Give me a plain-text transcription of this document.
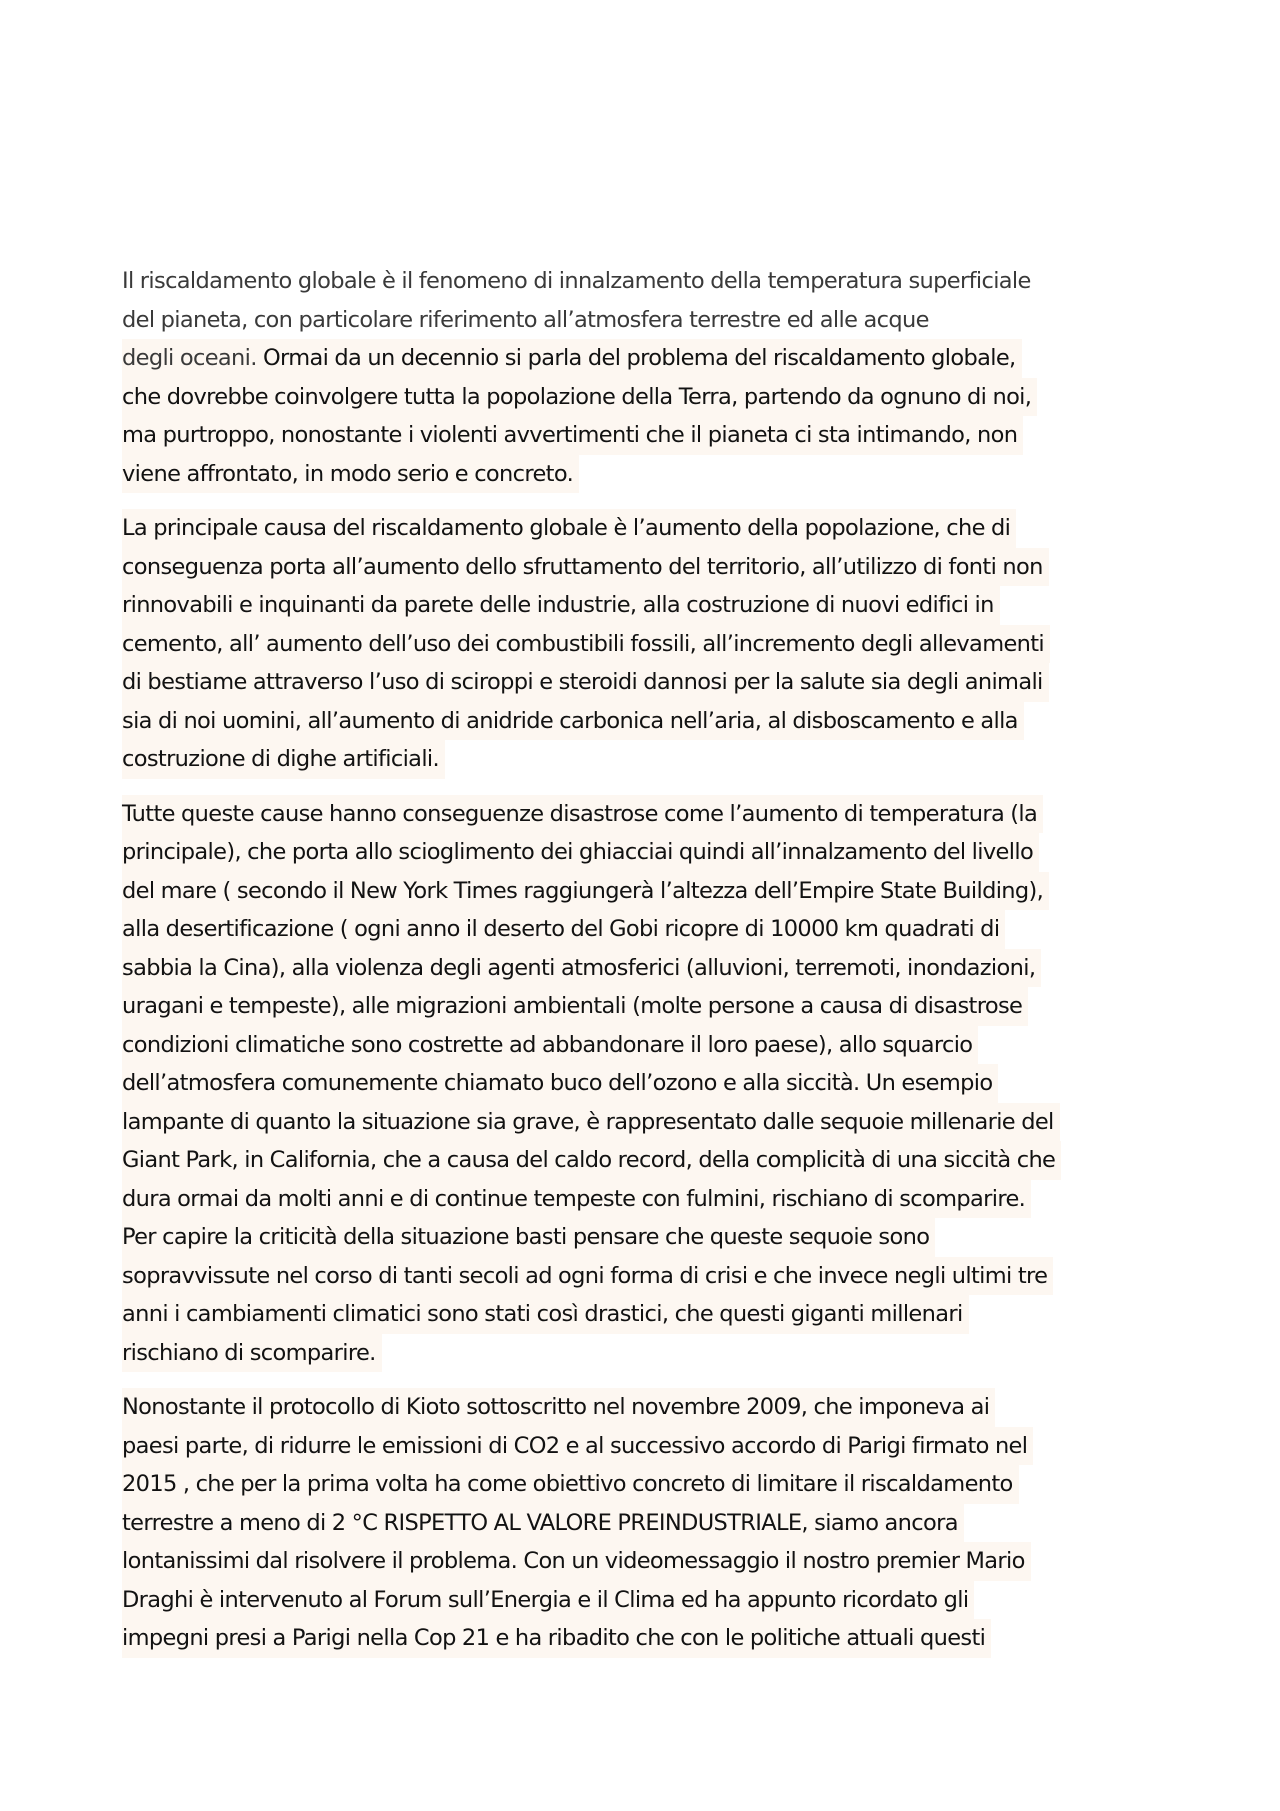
Il riscaldamento globale è il fenomeno di innalzamento della temperatura superficiale
del pianeta, con particolare riferimento all’atmosfera terrestre ed alle acque
degli oceani. Ormai da un decennio si parla del problema del riscaldamento globale,
che dovrebbe coinvolgere tutta la popolazione della Terra, partendo da ognuno di noi,
ma purtroppo, nonostante i violenti avvertimenti che il pianeta ci sta intimando, non
viene affrontato, in modo serio e concreto.

La principale causa del riscaldamento globale è l’aumento della popolazione, che di
conseguenza porta all’aumento dello sfruttamento del territorio, all’utilizzo di fonti non
rinnovabili e inquinanti da parete delle industrie, alla costruzione di nuovi edifici in
cemento, all’ aumento dell’uso dei combustibili fossili, all’incremento degli allevamenti
di bestiame attraverso l’uso di sciroppi e steroidi dannosi per la salute sia degli animali
sia di noi uomini, all’aumento di anidride carbonica nell’aria, al disboscamento e alla
costruzione di dighe artificiali.

Tutte queste cause hanno conseguenze disastrose come l’aumento di temperatura (la
principale), che porta allo scioglimento dei ghiacciai quindi all’innalzamento del livello
del mare ( secondo il New York Times raggiungerà l’altezza dell’Empire State Building),
alla desertificazione ( ogni anno il deserto del Gobi ricopre di 10000 km quadrati di
sabbia la Cina), alla violenza degli agenti atmosferici (alluvioni, terremoti, inondazioni,
uragani e tempeste), alle migrazioni ambientali (molte persone a causa di disastrose
condizioni climatiche sono costrette ad abbandonare il loro paese), allo squarcio
dell’atmosfera comunemente chiamato buco dell’ozono e alla siccità. Un esempio
lampante di quanto la situazione sia grave, è rappresentato dalle sequoie millenarie del
Giant Park, in California, che a causa del caldo record, della complicità di una siccità che
dura ormai da molti anni e di continue tempeste con fulmini, rischiano di scomparire.
Per capire la criticità della situazione basti pensare che queste sequoie sono
sopravvissute nel corso di tanti secoli ad ogni forma di crisi e che invece negli ultimi tre
anni i cambiamenti climatici sono stati così drastici, che questi giganti millenari
rischiano di scomparire.

Nonostante il protocollo di Kioto sottoscritto nel novembre 2009, che imponeva ai
paesi parte, di ridurre le emissioni di CO2 e al successivo accordo di Parigi firmato nel
2015 , che per la prima volta ha come obiettivo concreto di limitare il riscaldamento
terrestre a meno di 2 °C RISPETTO AL VALORE PREINDUSTRIALE, siamo ancora
lontanissimi dal risolvere il problema. Con un videomessaggio il nostro premier Mario
Draghi è intervenuto al Forum sull’Energia e il Clima ed ha appunto ricordato gli
impegni presi a Parigi nella Cop 21 e ha ribadito che con le politiche attuali questi
